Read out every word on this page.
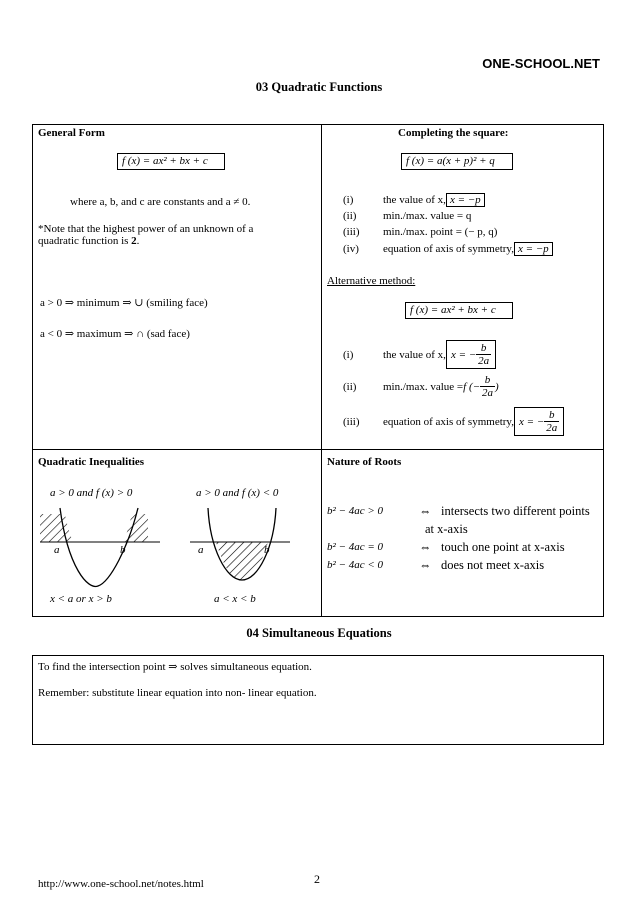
ONE-SCHOOL.NET
03 Quadratic Functions
General Form
f (x) = ax² + bx + c
where a, b, and c are constants and a ≠ 0.
*Note that the highest power of an unknown of a
quadratic function is 2.
a > 0 ⇒ minimum ⇒ ∪ (smiling face)
a < 0 ⇒ maximum ⇒ ∩ (sad face)
Completing the square:
f (x) = a(x + p)² + q
(i)	the value of x, x = −p
(ii)	min./max. value = q
(iii)	min./max. point = (− p, q)
(iv)	equation of axis of symmetry, x = −p
Alternative method:
f (x) = ax² + bx + c
(i)	the value of x, x = − $\frac{b}{2a}$
(ii)	min./max. value = f (− $\frac{b}{2a}$ )
(iii)	equation of axis of symmetry, x = − $\frac{b}{2a}$
Quadratic Inequalities
a > 0 and f (x) > 0	a > 0 and f (x) < 0
a	b	a	b
x < a or x > b	a < x < b
Nature of Roots
b² − 4ac > 0	⇔ intersects two different points
at x-axis
b² − 4ac = 0	⇔ touch one point at x-axis
b² − 4ac < 0	⇔ does not meet x-axis
04 Simultaneous Equations
To find the intersection point ⇒ solves simultaneous equation.
Remember: substitute linear equation into non- linear equation.
http://www.one-school.net/notes.html	2
